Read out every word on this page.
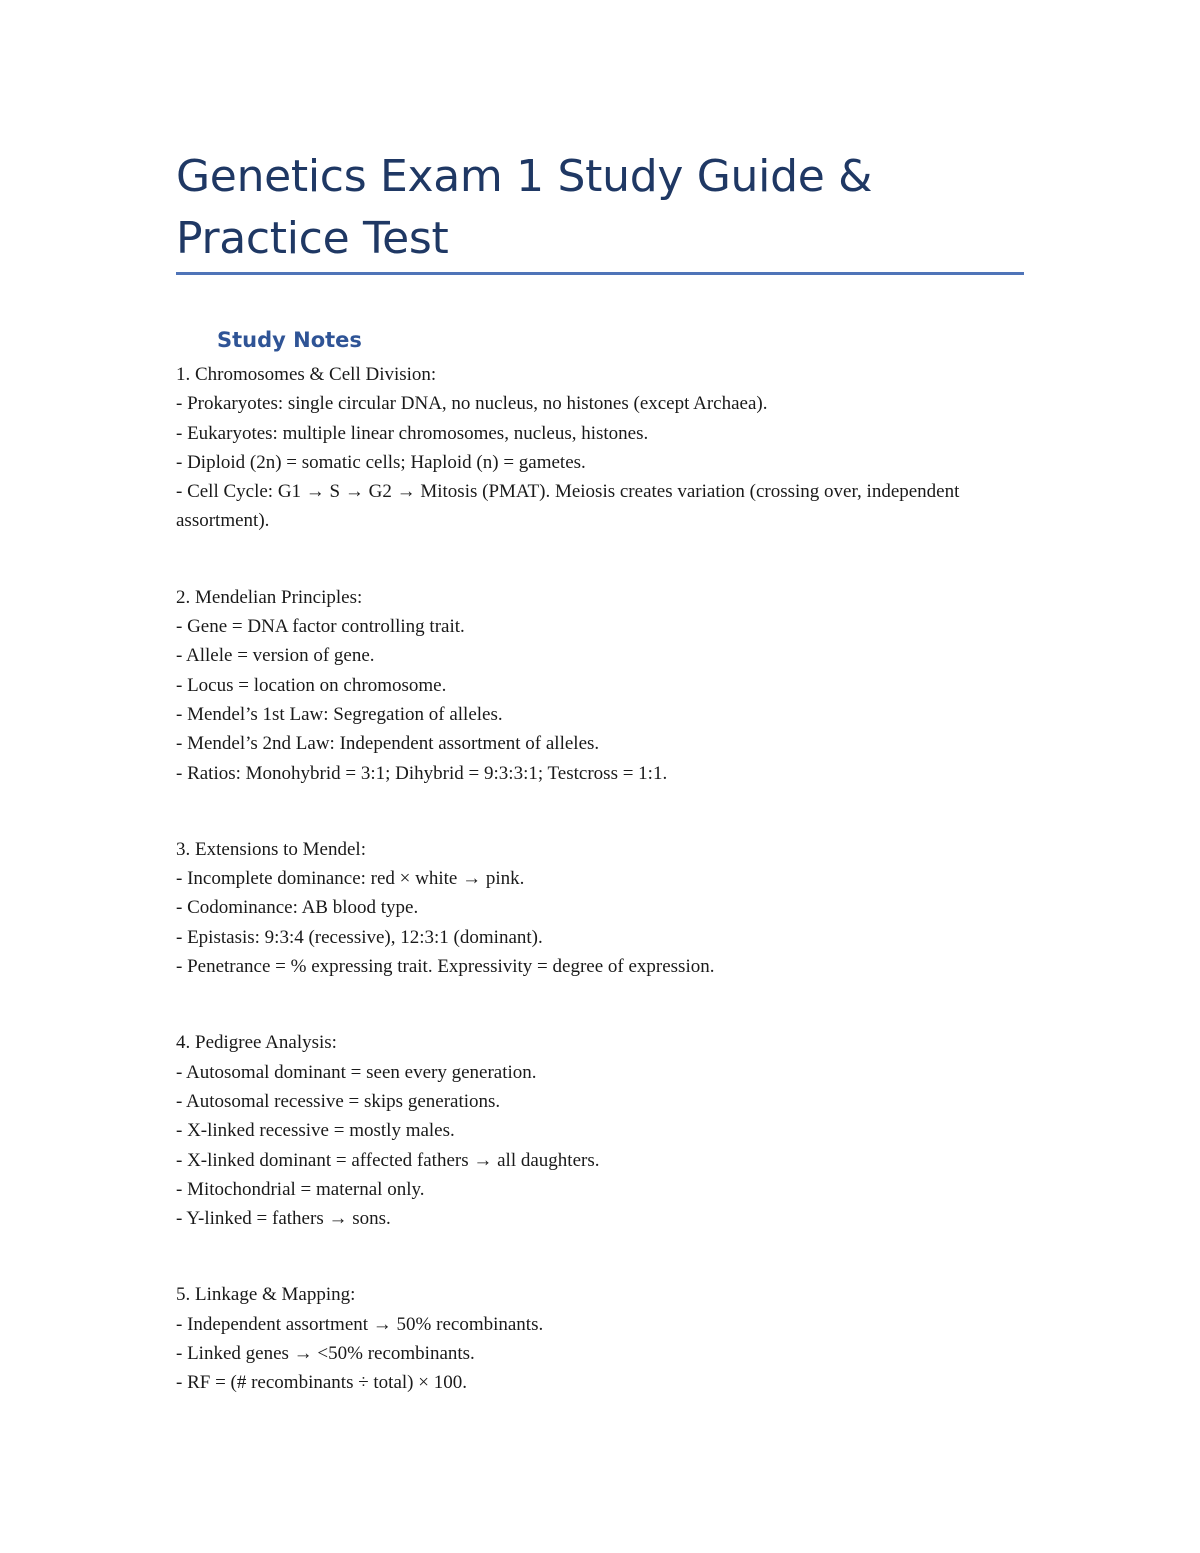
Genetics Exam 1 Study Guide & Practice Test
Study Notes
1. Chromosomes & Cell Division:
- Prokaryotes: single circular DNA, no nucleus, no histones (except Archaea).
- Eukaryotes: multiple linear chromosomes, nucleus, histones.
- Diploid (2n) = somatic cells; Haploid (n) = gametes.
- Cell Cycle: G1 → S → G2 → Mitosis (PMAT). Meiosis creates variation (crossing over, independent assortment).
2. Mendelian Principles:
- Gene = DNA factor controlling trait.
- Allele = version of gene.
- Locus = location on chromosome.
- Mendel’s 1st Law: Segregation of alleles.
- Mendel’s 2nd Law: Independent assortment of alleles.
- Ratios: Monohybrid = 3:1; Dihybrid = 9:3:3:1; Testcross = 1:1.
3. Extensions to Mendel:
- Incomplete dominance: red × white → pink.
- Codominance: AB blood type.
- Epistasis: 9:3:4 (recessive), 12:3:1 (dominant).
- Penetrance = % expressing trait. Expressivity = degree of expression.
4. Pedigree Analysis:
- Autosomal dominant = seen every generation.
- Autosomal recessive = skips generations.
- X-linked recessive = mostly males.
- X-linked dominant = affected fathers → all daughters.
- Mitochondrial = maternal only.
- Y-linked = fathers → sons.
5. Linkage & Mapping:
- Independent assortment → 50% recombinants.
- Linked genes → <50% recombinants.
- RF = (# recombinants ÷ total) × 100.
